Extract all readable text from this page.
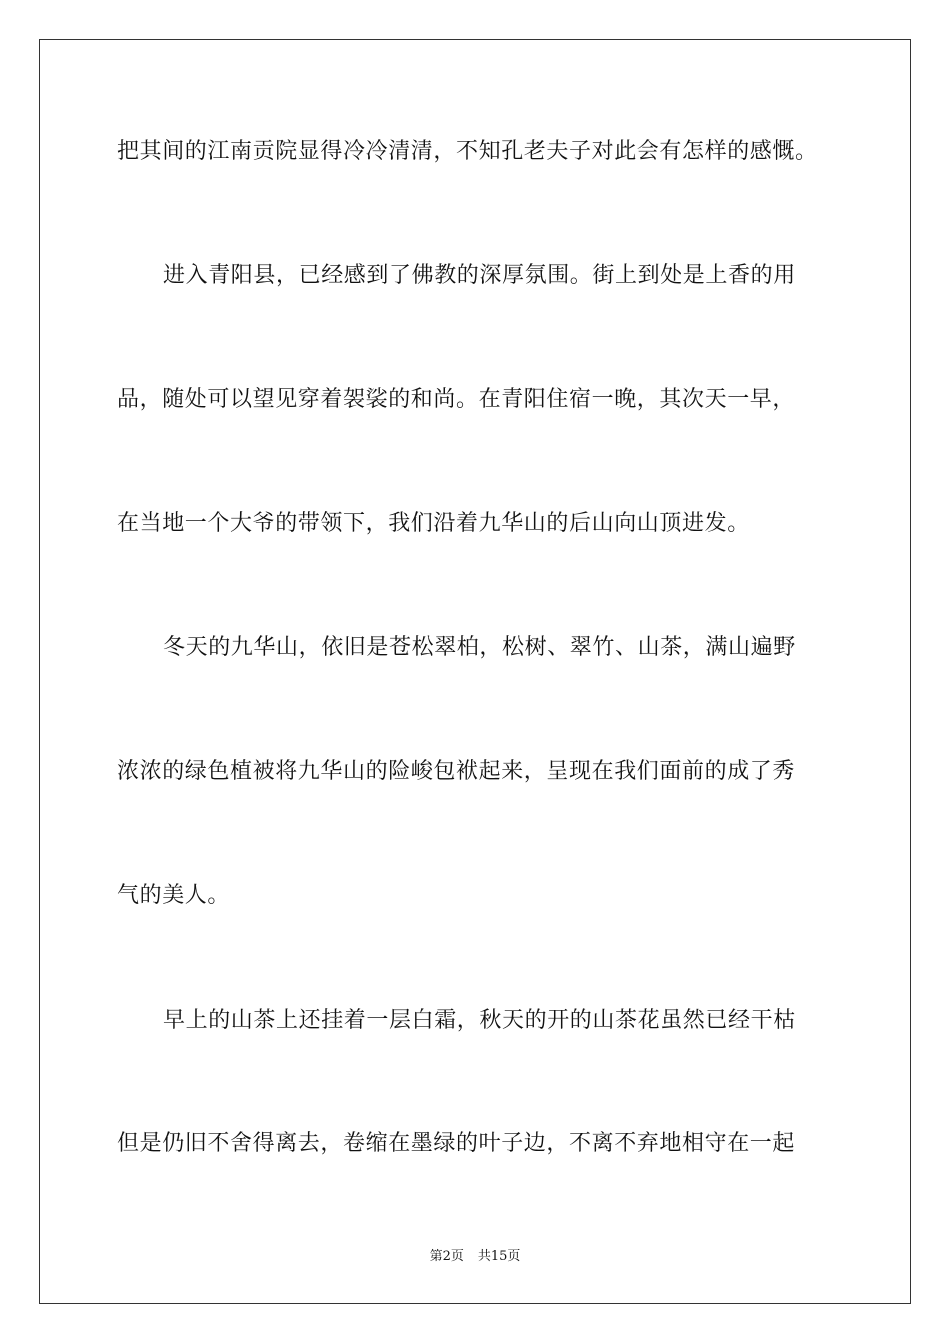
把其间的江南贡院显得冷冷清清，不知孔老夫子对此会有怎样的感慨。
进入青阳县，已经感到了佛教的深厚氛围。街上到处是上香的用
品，随处可以望见穿着袈裟的和尚。在青阳住宿一晚，其次天一早，
在当地一个大爷的带领下，我们沿着九华山的后山向山顶进发。
冬天的九华山，依旧是苍松翠柏，松树、翠竹、山茶，满山遍野
浓浓的绿色植被将九华山的险峻包袱起来，呈现在我们面前的成了秀
气的美人。
早上的山茶上还挂着一层白霜，秋天的开的山茶花虽然已经干枯
但是仍旧不舍得离去，卷缩在墨绿的叶子边，不离不弃地相守在一起
第2页 共15页
